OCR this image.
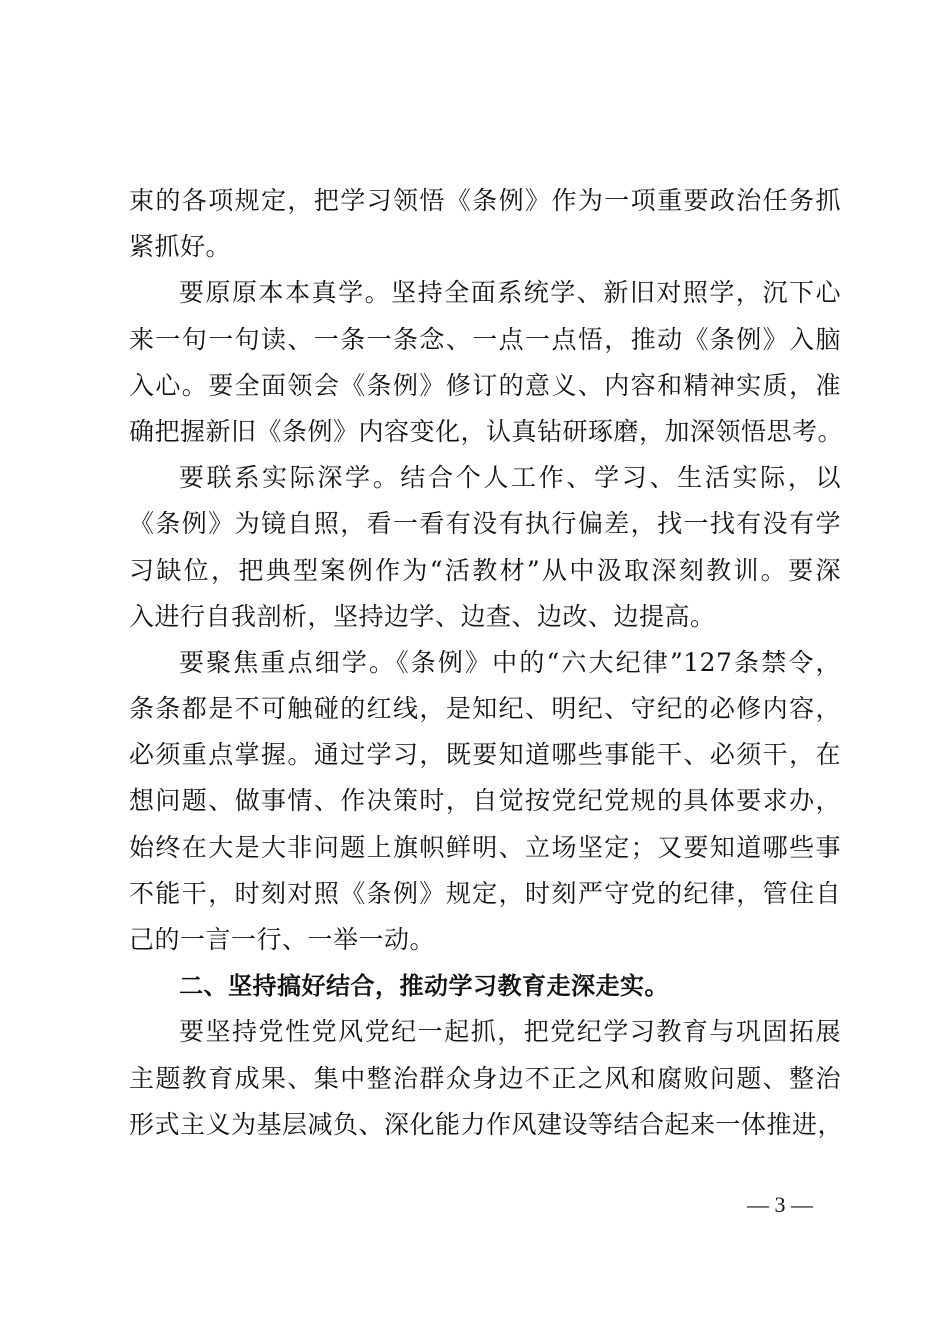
束的各项规定，把学习领悟《条例》作为一项重要政治任务抓
紧抓好。
要原原本本真学。坚持全面系统学、新旧对照学，沉下心
来一句一句读、一条一条念、一点一点悟，推动《条例》入脑
入心。要全面领会《条例》修订的意义、内容和精神实质，准
确把握新旧《条例》内容变化，认真钻研琢磨，加深领悟思考。
要联系实际深学。结合个人工作、学习、生活实际，以
《条例》为镜自照，看一看有没有执行偏差，找一找有没有学
习缺位，把典型案例作为“活教材”从中汲取深刻教训。要深
入进行自我剖析，坚持边学、边查、边改、边提高。
要聚焦重点细学。《条例》中的“六大纪律”127条禁令，
条条都是不可触碰的红线，是知纪、明纪、守纪的必修内容，
必须重点掌握。通过学习，既要知道哪些事能干、必须干，在
想问题、做事情、作决策时，自觉按党纪党规的具体要求办，
始终在大是大非问题上旗帜鲜明、立场坚定；又要知道哪些事
不能干，时刻对照《条例》规定，时刻严守党的纪律，管住自
己的一言一行、一举一动。
二、坚持搞好结合，推动学习教育走深走实。
要坚持党性党风党纪一起抓，把党纪学习教育与巩固拓展
主题教育成果、集中整治群众身边不正之风和腐败问题、整治
形式主义为基层减负、深化能力作风建设等结合起来一体推进，
— 3 —
